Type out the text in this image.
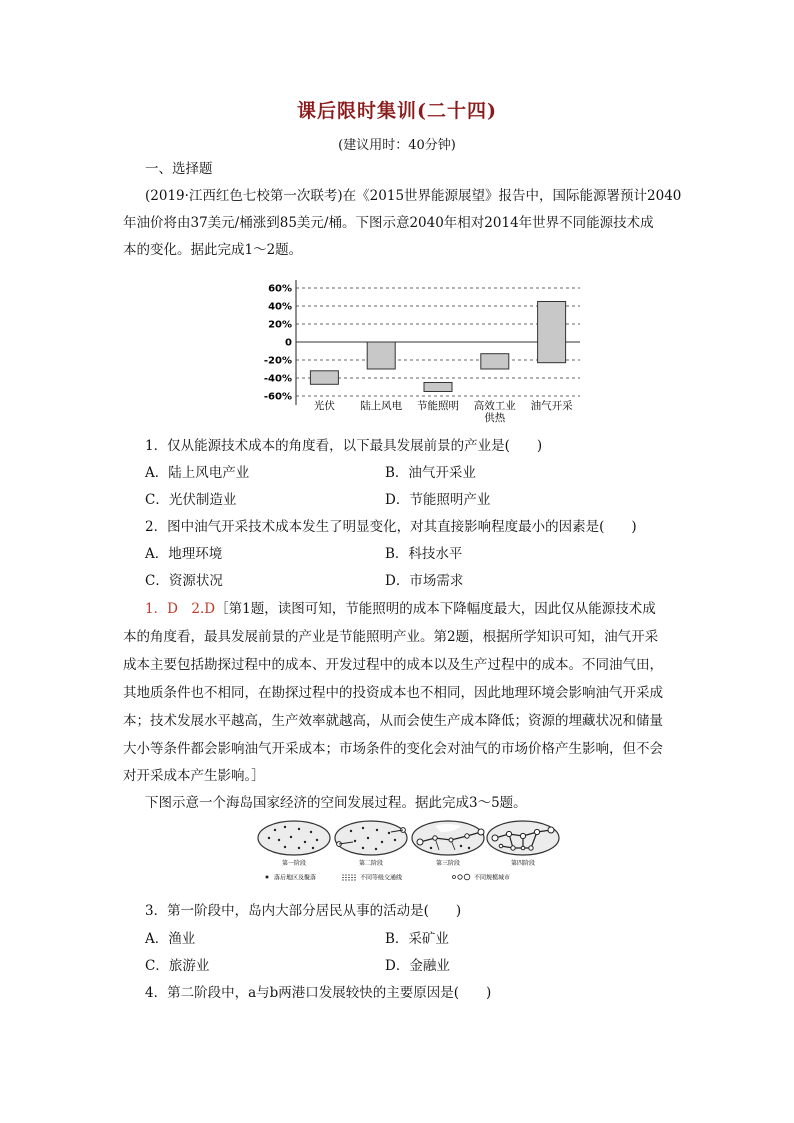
课后限时集训(二十四)
(建议用时：40分钟)
一、选择题
(2019·江西红色七校第一次联考)在《2015世界能源展望》报告中，国际能源署预计2040
年油价将由37美元/桶涨到85美元/桶。下图示意2040年相对2014年世界不同能源技术成
本的变化。据此完成1～2题。
60%
40%
20%
0
-20%
-40%
-60%
光伏 陆上风电 节能照明 高效工业
供热
油气开采
1．仅从能源技术成本的角度看，以下最具发展前景的产业是(　　)
A．陆上风电产业	B．油气开采业
C．光伏制造业	D．节能照明产业
2．图中油气开采技术成本发生了明显变化，对其直接影响程度最小的因素是(　　)
A．地理环境	B．科技水平
C．资源状况	D．市场需求
1．D　2.D［第1题，读图可知，节能照明的成本下降幅度最大，因此仅从能源技术成
本的角度看，最具发展前景的产业是节能照明产业。第2题，根据所学知识可知，油气开采
成本主要包括勘探过程中的成本、开发过程中的成本以及生产过程中的成本。不同油气田，
其地质条件也不相同，在勘探过程中的投资成本也不相同，因此地理环境会影响油气开采成
本；技术发展水平越高，生产效率就越高，从而会使生产成本降低；资源的埋藏状况和储量
大小等条件都会影响油气开采成本；市场条件的变化会对油气的市场价格产生影响，但不会
对开采成本产生影响。］
下图示意一个海岛国家经济的空间发展过程。据此完成3～5题。
第一阶段	第二阶段	第三阶段	第四阶段
落后地区及聚落	不同等级交通线	不同规模城市
3．第一阶段中，岛内大部分居民从事的活动是(　　)
A．渔业	B．采矿业
C．旅游业	D．金融业
4．第二阶段中，a与b两港口发展较快的主要原因是(　　)
